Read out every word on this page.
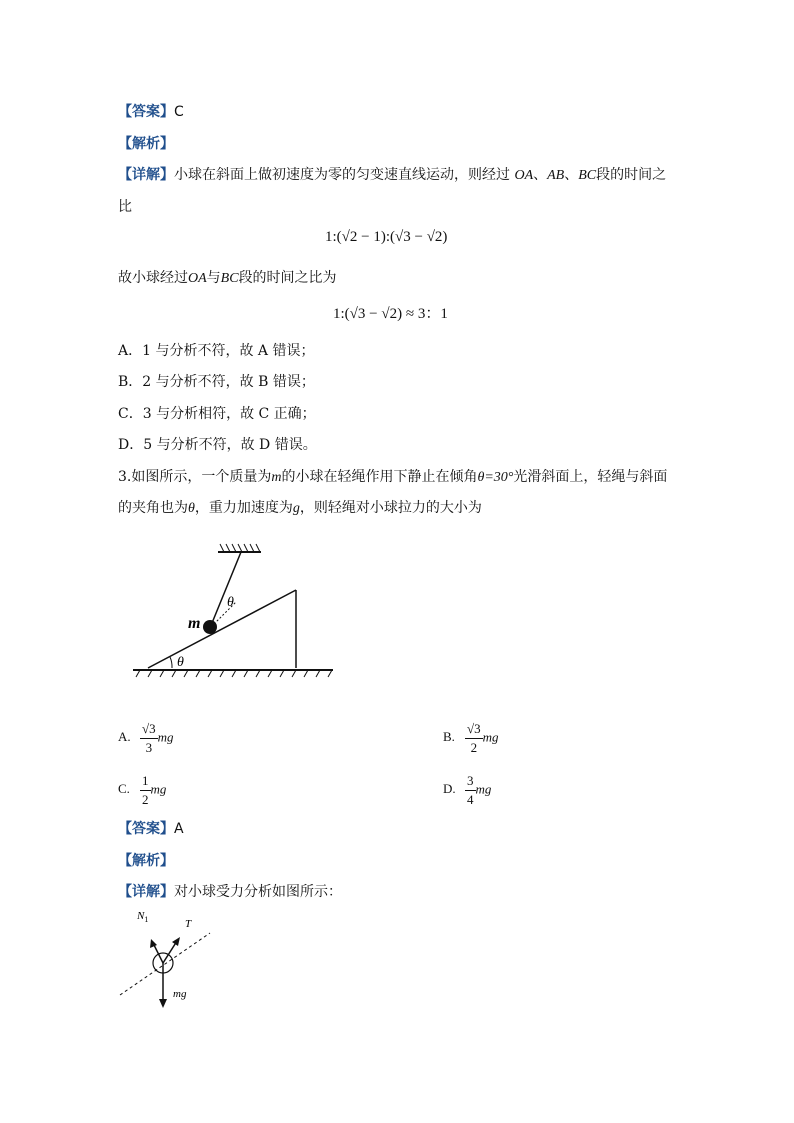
【答案】C
【解析】
【详解】小球在斜面上做初速度为零的匀变速直线运动，则经过 OA、AB、BC段的时间之
比
1:(√2 − 1):(√3 − √2)
故小球经过OA与BC段的时间之比为
1:(√3 − √2) ≈ 3：1
A．1 与分析不符，故 A 错误；
B．2 与分析不符，故 B 错误；
C．3 与分析相符，故 C 正确；
D．5 与分析不符，故 D 错误。
3.如图所示，一个质量为m的小球在轻绳作用下静止在倾角θ=30°光滑斜面上，轻绳与斜面
的夹角也为θ，重力加速度为g，则轻绳对小球拉力的大小为
θ
θ
m
A. $\frac{√3}{3}$ mg	B. $\frac{√3}{2}$ mg
C. $\frac{1}{2}$ mg	D. $\frac{3}{4}$ mg
【答案】A
【解析】
【详解】对小球受力分析如图所示：
$N_1$	T
mg
